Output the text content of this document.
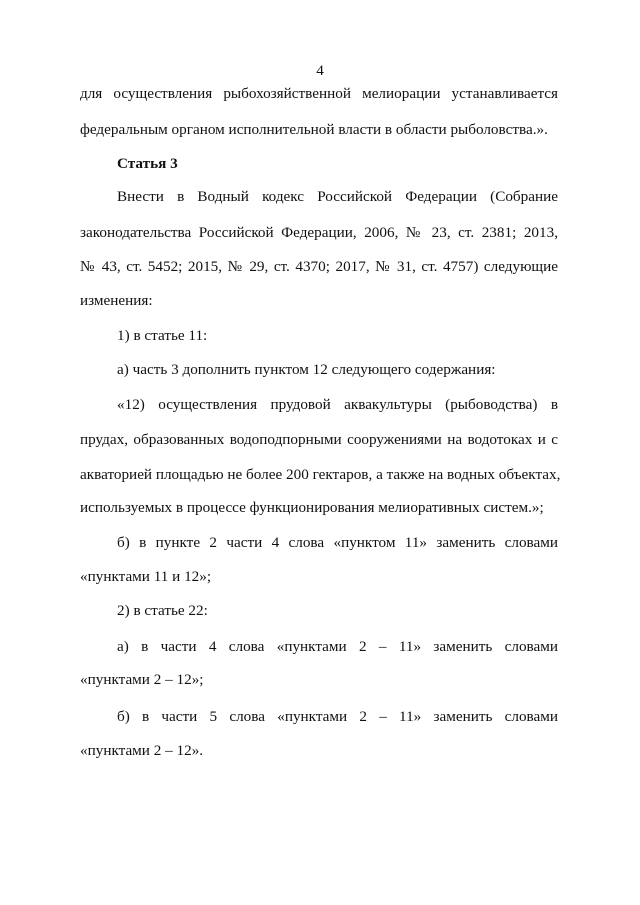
4
для осуществления рыбохозяйственной мелиорации устанавливается
федеральным органом исполнительной власти в области рыболовства.».
Статья 3
Внести в Водный кодекс Российской Федерации (Собрание
законодательства Российской Федерации, 2006, № 23, ст. 2381; 2013,
№ 43, ст. 5452; 2015, № 29, ст. 4370; 2017, № 31, ст. 4757) следующие
изменения:
1) в статье 11:
а) часть 3 дополнить пунктом 12 следующего содержания:
«12) осуществления прудовой аквакультуры (рыбоводства) в
прудах, образованных водоподпорными сооружениями на водотоках и с
акваторией площадью не более 200 гектаров, а также на водных объектах,
используемых в процессе функционирования мелиоративных систем.»;
б) в пункте 2 части 4 слова «пунктом 11» заменить словами
«пунктами 11 и 12»;
2) в статье 22:
а) в части 4 слова «пунктами 2 – 11» заменить словами
«пунктами 2 – 12»;
б) в части 5 слова «пунктами 2 – 11» заменить словами
«пунктами 2 – 12».
